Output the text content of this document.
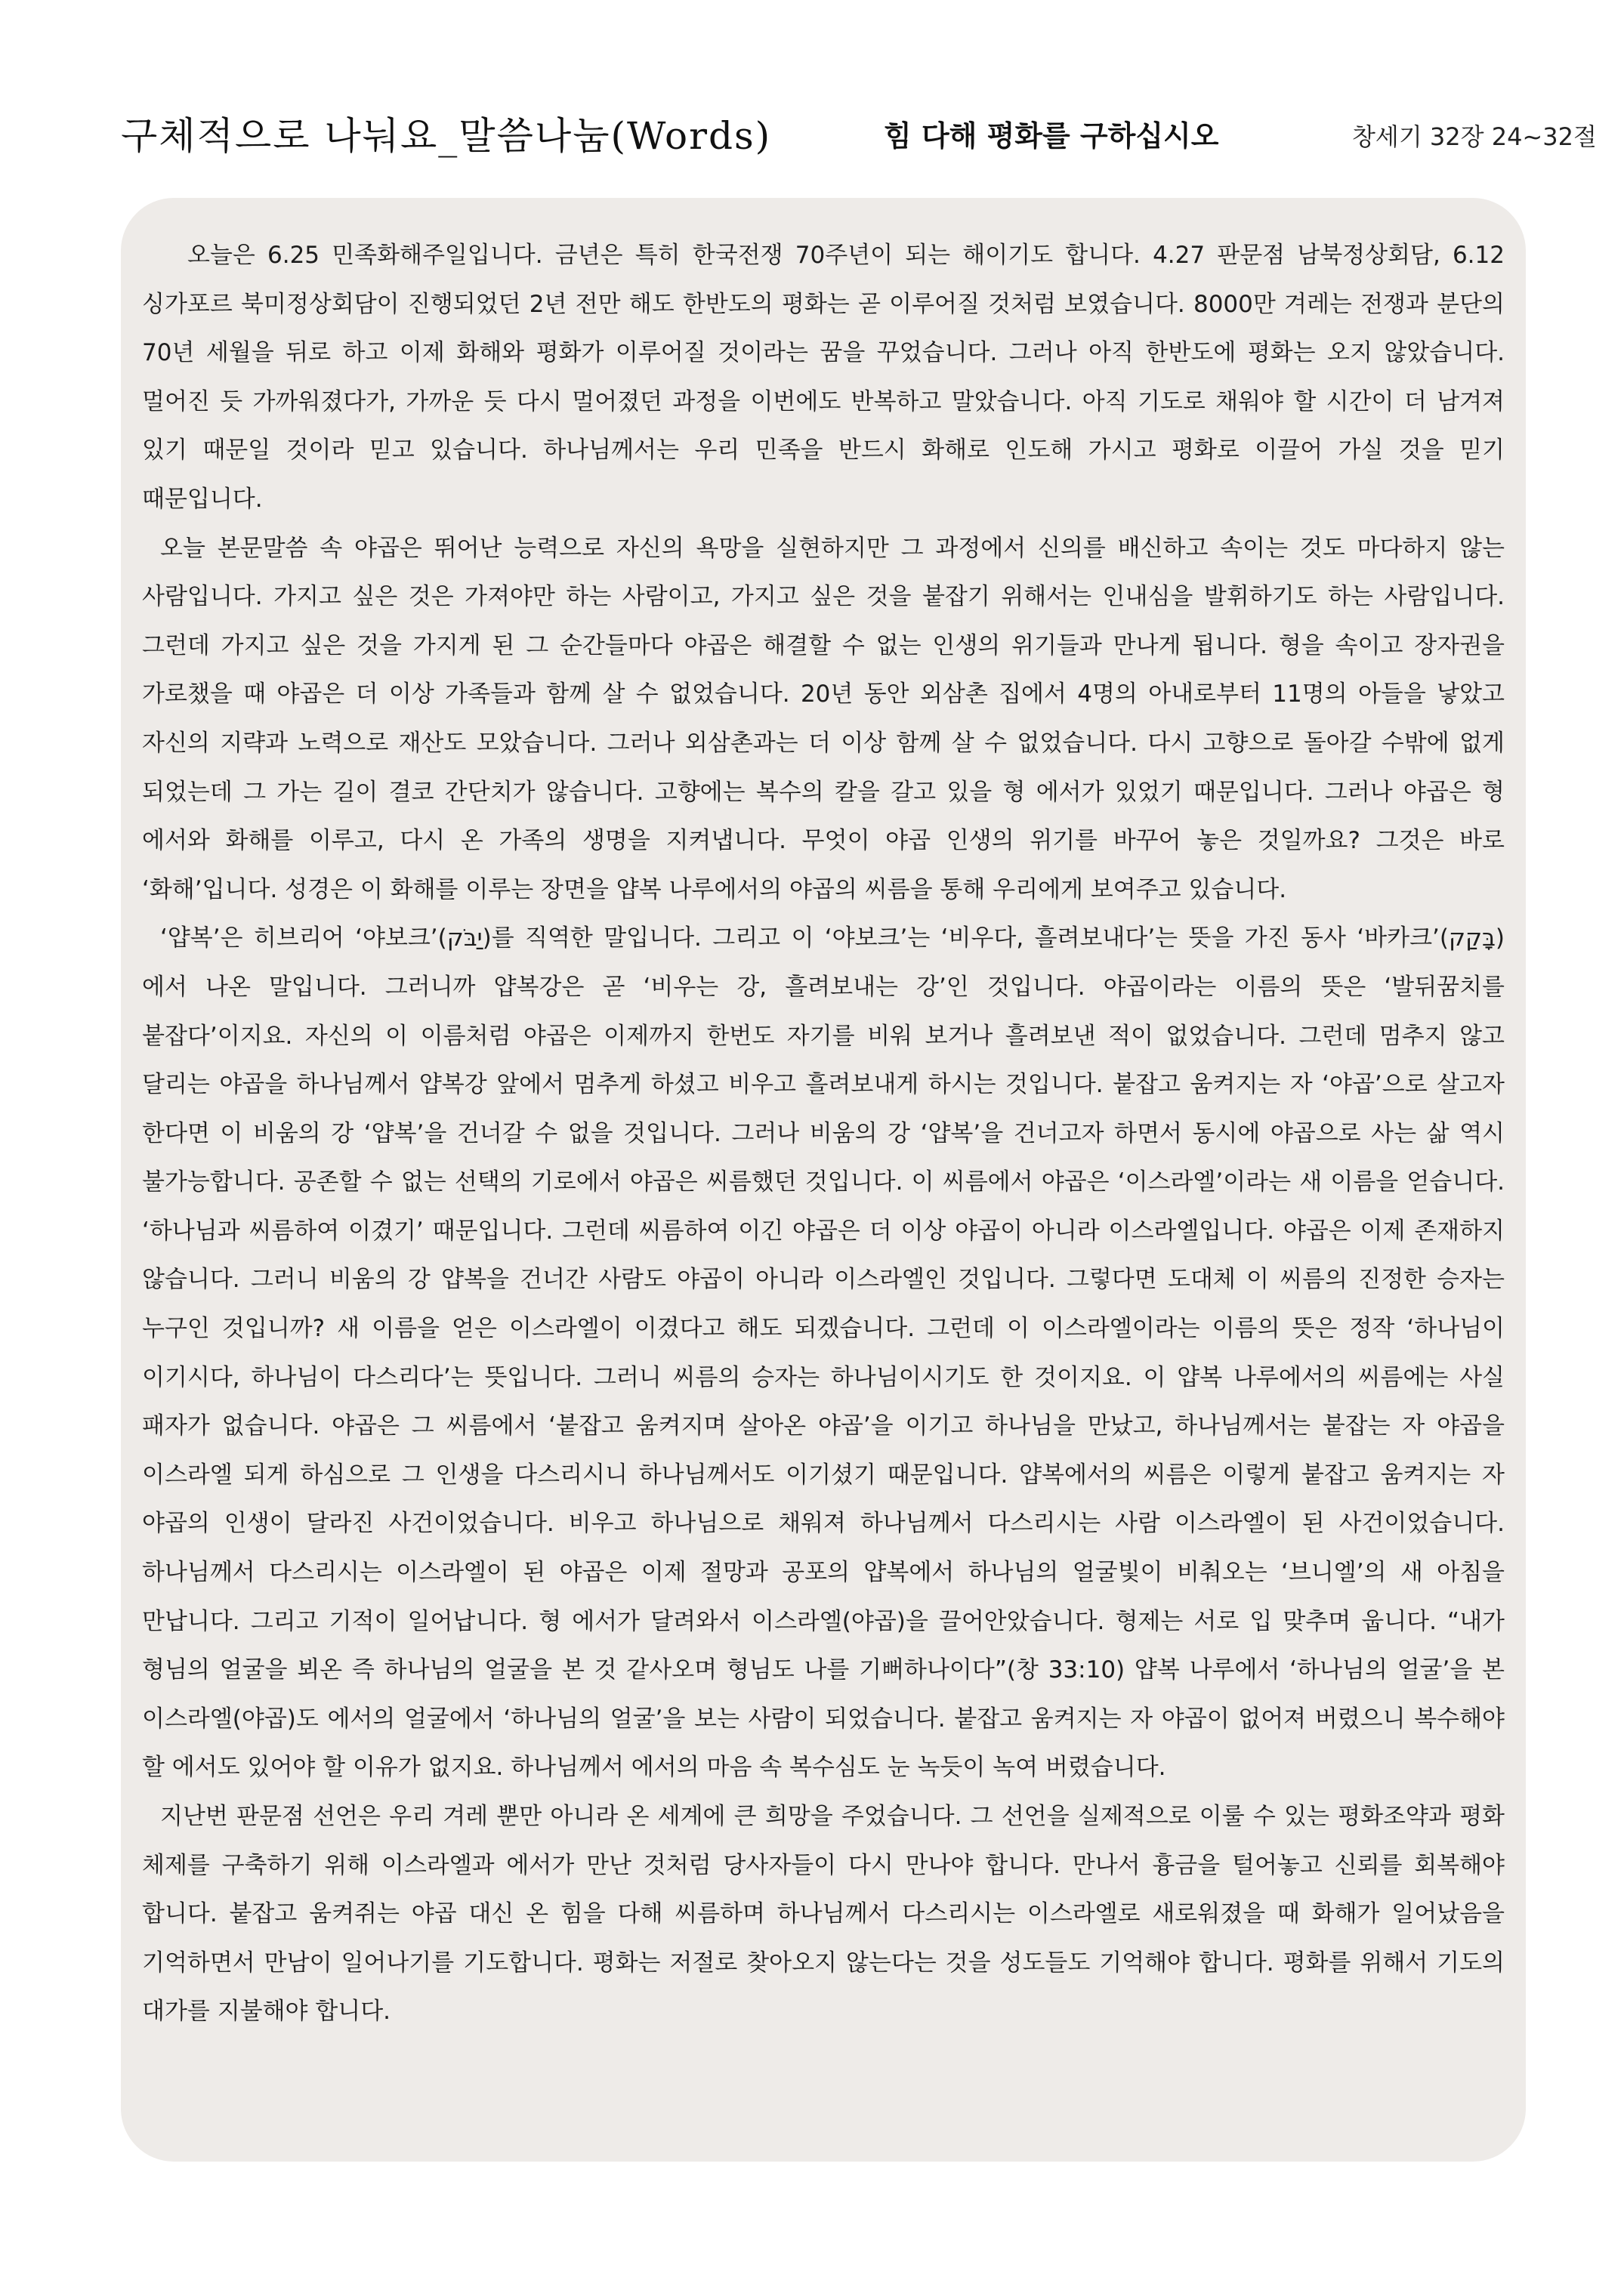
구체적으로 나눠요_말씀나눔(Words)	힘 다해 평화를 구하십시오	창세기 32장 24~32절

오늘은 6.25 민족화해주일입니다. 금년은 특히 한국전쟁 70주년이 되는 해이기도 합니다. 4.27 판문점 남북정상회담, 6.12 싱가포르 북미정상회담이 진행되었던 2년 전만 해도 한반도의 평화는 곧 이루어질 것처럼 보였습니다. 8000만 겨레는 전쟁과 분단의 70년 세월을 뒤로 하고 이제 화해와 평화가 이루어질 것이라는 꿈을 꾸었습니다. 그러나 아직 한반도에 평화는 오지 않았습니다. 멀어진 듯 가까워졌다가, 가까운 듯 다시 멀어졌던 과정을 이번에도 반복하고 말았습니다. 아직 기도로 채워야 할 시간이 더 남겨져 있기 때문일 것이라 믿고 있습니다. 하나님께서는 우리 민족을 반드시 화해로 인도해 가시고 평화로 이끌어 가실 것을 믿기 때문입니다.

오늘 본문말씀 속 야곱은 뛰어난 능력으로 자신의 욕망을 실현하지만 그 과정에서 신의를 배신하고 속이는 것도 마다하지 않는 사람입니다. 가지고 싶은 것은 가져야만 하는 사람이고, 가지고 싶은 것을 붙잡기 위해서는 인내심을 발휘하기도 하는 사람입니다. 그런데 가지고 싶은 것을 가지게 된 그 순간들마다 야곱은 해결할 수 없는 인생의 위기들과 만나게 됩니다. 형을 속이고 장자권을 가로챘을 때 야곱은 더 이상 가족들과 함께 살 수 없었습니다. 20년 동안 외삼촌 집에서 4명의 아내로부터 11명의 아들을 낳았고 자신의 지략과 노력으로 재산도 모았습니다. 그러나 외삼촌과는 더 이상 함께 살 수 없었습니다. 다시 고향으로 돌아갈 수밖에 없게 되었는데 그 가는 길이 결코 간단치가 않습니다. 고향에는 복수의 칼을 갈고 있을 형 에서가 있었기 때문입니다. 그러나 야곱은 형 에서와 화해를 이루고, 다시 온 가족의 생명을 지켜냅니다. 무엇이 야곱 인생의 위기를 바꾸어 놓은 것일까요? 그것은 바로 ‘화해’입니다. 성경은 이 화해를 이루는 장면을 얍복 나루에서의 야곱의 씨름을 통해 우리에게 보여주고 있습니다.

‘얍복’은 히브리어 ‘야보크’(יַבֹּק)를 직역한 말입니다. 그리고 이 ‘야보크’는 ‘비우다, 흘려보내다’는 뜻을 가진 동사 ‘바카크’(בָּקַק)에서 나온 말입니다. 그러니까 얍복강은 곧 ‘비우는 강, 흘려보내는 강’인 것입니다. 야곱이라는 이름의 뜻은 ‘발뒤꿈치를 붙잡다’이지요. 자신의 이 이름처럼 야곱은 이제까지 한번도 자기를 비워 보거나 흘려보낸 적이 없었습니다. 그런데 멈추지 않고 달리는 야곱을 하나님께서 얍복강 앞에서 멈추게 하셨고 비우고 흘려보내게 하시는 것입니다. 붙잡고 움켜지는 자 ‘야곱’으로 살고자 한다면 이 비움의 강 ‘얍복’을 건너갈 수 없을 것입니다. 그러나 비움의 강 ‘얍복’을 건너고자 하면서 동시에 야곱으로 사는 삶 역시 불가능합니다. 공존할 수 없는 선택의 기로에서 야곱은 씨름했던 것입니다. 이 씨름에서 야곱은 ‘이스라엘’이라는 새 이름을 얻습니다. ‘하나님과 씨름하여 이겼기’ 때문입니다. 그런데 씨름하여 이긴 야곱은 더 이상 야곱이 아니라 이스라엘입니다. 야곱은 이제 존재하지 않습니다. 그러니 비움의 강 얍복을 건너간 사람도 야곱이 아니라 이스라엘인 것입니다. 그렇다면 도대체 이 씨름의 진정한 승자는 누구인 것입니까? 새 이름을 얻은 이스라엘이 이겼다고 해도 되겠습니다. 그런데 이 이스라엘이라는 이름의 뜻은 정작 ‘하나님이 이기시다, 하나님이 다스리다’는 뜻입니다. 그러니 씨름의 승자는 하나님이시기도 한 것이지요. 이 얍복 나루에서의 씨름에는 사실 패자가 없습니다. 야곱은 그 씨름에서 ‘붙잡고 움켜지며 살아온 야곱’을 이기고 하나님을 만났고, 하나님께서는 붙잡는 자 야곱을 이스라엘 되게 하심으로 그 인생을 다스리시니 하나님께서도 이기셨기 때문입니다. 얍복에서의 씨름은 이렇게 붙잡고 움켜지는 자 야곱의 인생이 달라진 사건이었습니다. 비우고 하나님으로 채워져 하나님께서 다스리시는 사람 이스라엘이 된 사건이었습니다. 하나님께서 다스리시는 이스라엘이 된 야곱은 이제 절망과 공포의 얍복에서 하나님의 얼굴빛이 비춰오는 ‘브니엘’의 새 아침을 만납니다. 그리고 기적이 일어납니다. 형 에서가 달려와서 이스라엘(야곱)을 끌어안았습니다. 형제는 서로 입 맞추며 웁니다. “내가 형님의 얼굴을 뵈온 즉 하나님의 얼굴을 본 것 같사오며 형님도 나를 기뻐하나이다”(창 33:10) 얍복 나루에서 ‘하나님의 얼굴’을 본 이스라엘(야곱)도 에서의 얼굴에서 ‘하나님의 얼굴’을 보는 사람이 되었습니다. 붙잡고 움켜지는 자 야곱이 없어져 버렸으니 복수해야 할 에서도 있어야 할 이유가 없지요. 하나님께서 에서의 마음 속 복수심도 눈 녹듯이 녹여 버렸습니다.

지난번 판문점 선언은 우리 겨레 뿐만 아니라 온 세계에 큰 희망을 주었습니다. 그 선언을 실제적으로 이룰 수 있는 평화조약과 평화 체제를 구축하기 위해 이스라엘과 에서가 만난 것처럼 당사자들이 다시 만나야 합니다. 만나서 흉금을 털어놓고 신뢰를 회복해야 합니다. 붙잡고 움켜쥐는 야곱 대신 온 힘을 다해 씨름하며 하나님께서 다스리시는 이스라엘로 새로워졌을 때 화해가 일어났음을 기억하면서 만남이 일어나기를 기도합니다. 평화는 저절로 찾아오지 않는다는 것을 성도들도 기억해야 합니다. 평화를 위해서 기도의 대가를 지불해야 합니다.
